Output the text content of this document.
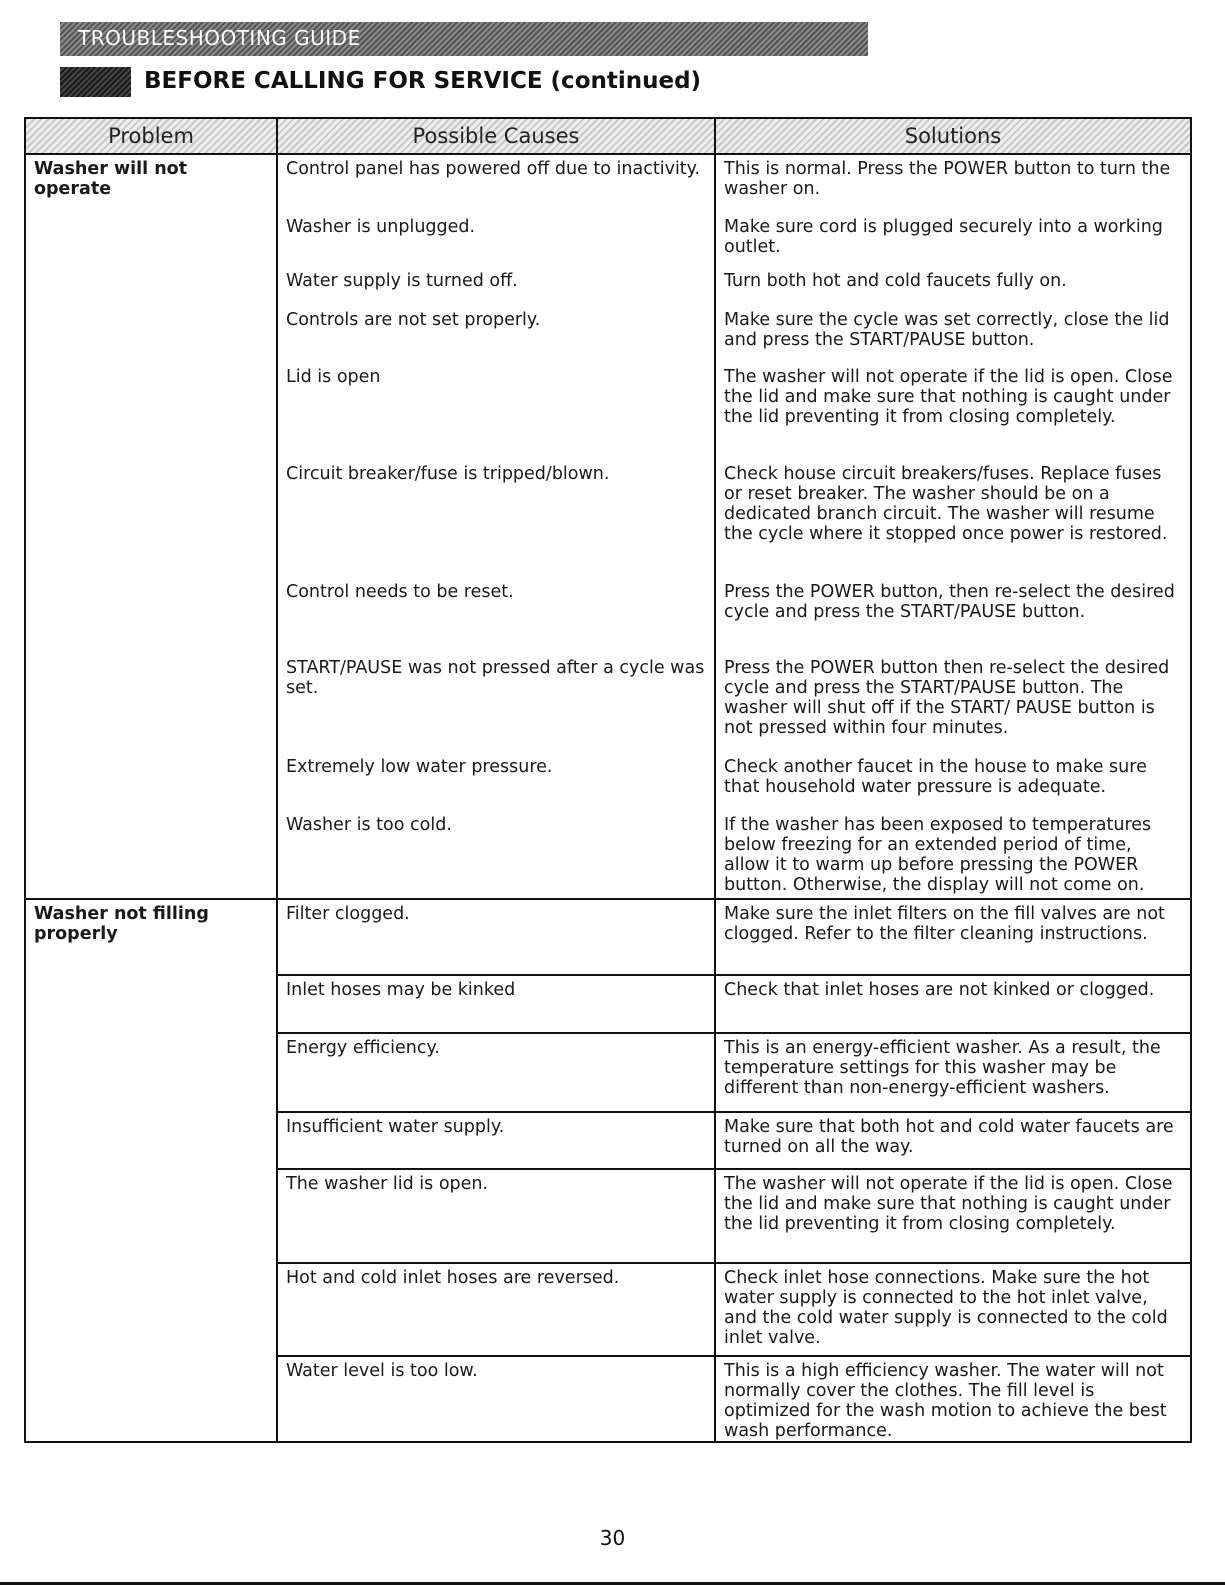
TROUBLESHOOTING GUIDE
BEFORE CALLING FOR SERVICE (continued)
Problem	Possible Causes	Solutions
Washer will not operate	Control panel has powered off due to inactivity.	This is normal. Press the POWER button to turn the washer on.
	Washer is unplugged.	Make sure cord is plugged securely into a working outlet.
	Water supply is turned off.	Turn both hot and cold faucets fully on.
	Controls are not set properly.	Make sure the cycle was set correctly, close the lid and press the START/PAUSE button.
	Lid is open	The washer will not operate if the lid is open. Close the lid and make sure that nothing is caught under the lid preventing it from closing completely.
	Circuit breaker/fuse is tripped/blown.	Check house circuit breakers/fuses. Replace fuses or reset breaker. The washer should be on a dedicated branch circuit. The washer will resume the cycle where it stopped once power is restored.
	Control needs to be reset.	Press the POWER button, then re-select the desired cycle and press the START/PAUSE button.
	START/PAUSE was not pressed after a cycle was set.	Press the POWER button then re-select the desired cycle and press the START/PAUSE button. The washer will shut off if the START/ PAUSE button is not pressed within four minutes.
	Extremely low water pressure.	Check another faucet in the house to make sure that household water pressure is adequate.
	Washer is too cold.	If the washer has been exposed to temperatures below freezing for an extended period of time, allow it to warm up before pressing the POWER button. Otherwise, the display will not come on.
Washer not filling properly	Filter clogged.	Make sure the inlet filters on the fill valves are not clogged. Refer to the filter cleaning instructions.
	Inlet hoses may be kinked	Check that inlet hoses are not kinked or clogged.
	Energy efficiency.	This is an energy-efficient washer. As a result, the temperature settings for this washer may be different than non-energy-efficient washers.
	Insufficient water supply.	Make sure that both hot and cold water faucets are turned on all the way.
	The washer lid is open.	The washer will not operate if the lid is open. Close the lid and make sure that nothing is caught under the lid preventing it from closing completely.
	Hot and cold inlet hoses are reversed.	Check inlet hose connections. Make sure the hot water supply is connected to the hot inlet valve, and the cold water supply is connected to the cold inlet valve.
	Water level is too low.	This is a high efficiency washer. The water will not normally cover the clothes. The fill level is optimized for the wash motion to achieve the best wash performance.
30
